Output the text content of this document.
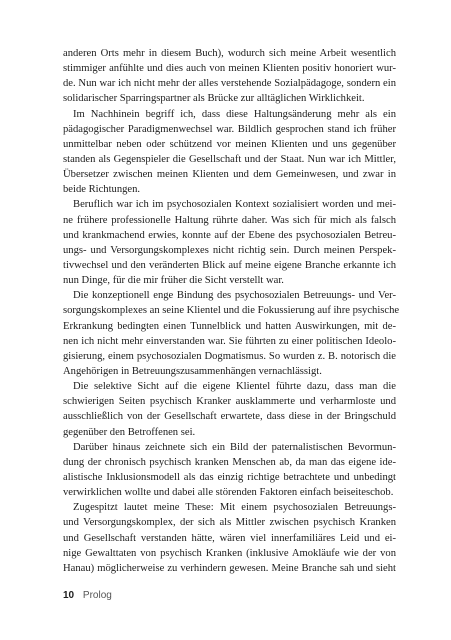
anderen Orts mehr in diesem Buch), wodurch sich meine Arbeit wesentlich
stimmiger anfühlte und dies auch von meinen Klienten positiv honoriert wur-
de. Nun war ich nicht mehr der alles verstehende Sozialpädagoge, sondern ein
solidarischer Sparringspartner als Brücke zur alltäglichen Wirklichkeit.
Im Nachhinein begriff ich, dass diese Haltungsänderung mehr als ein
pädagogischer Paradigmenwechsel war. Bildlich gesprochen stand ich früher
unmittelbar neben oder schützend vor meinen Klienten und uns gegenüber
standen als Gegenspieler die Gesellschaft und der Staat. Nun war ich Mittler,
Übersetzer zwischen meinen Klienten und dem Gemeinwesen, und zwar in
beide Richtungen.
Beruflich war ich im psychosozialen Kontext sozialisiert worden und mei-
ne frühere professionelle Haltung rührte daher. Was sich für mich als falsch
und krankmachend erwies, konnte auf der Ebene des psychosozialen Betreu-
ungs- und Versorgungskomplexes nicht richtig sein. Durch meinen Perspek-
tivwechsel und den veränderten Blick auf meine eigene Branche erkannte ich
nun Dinge, für die mir früher die Sicht verstellt war.
Die konzeptionell enge Bindung des psychosozialen Betreuungs- und Ver-
sorgungskomplexes an seine Klientel und die Fokussierung auf ihre psychische
Erkrankung bedingten einen Tunnelblick und hatten Auswirkungen, mit de-
nen ich nicht mehr einverstanden war. Sie führten zu einer politischen Ideolo-
gisierung, einem psychosozialen Dogmatismus. So wurden z. B. notorisch die
Angehörigen in Betreuungszusammenhängen vernachlässigt.
Die selektive Sicht auf die eigene Klientel führte dazu, dass man die
schwierigen Seiten psychisch Kranker ausklammerte und verharmloste und
ausschließlich von der Gesellschaft erwartete, dass diese in der Bringschuld
gegenüber den Betroffenen sei.
Darüber hinaus zeichnete sich ein Bild der paternalistischen Bevormun-
dung der chronisch psychisch kranken Menschen ab, da man das eigene ide-
alistische Inklusionsmodell als das einzig richtige betrachtete und unbedingt
verwirklichen wollte und dabei alle störenden Faktoren einfach beiseiteschob.
Zugespitzt lautet meine These: Mit einem psychosozialen Betreuungs-
und Versorgungskomplex, der sich als Mittler zwischen psychisch Kranken
und Gesellschaft verstanden hätte, wären viel innerfamiliäres Leid und ei-
nige Gewalttaten von psychisch Kranken (inklusive Amokläufe wie der von
Hanau) möglicherweise zu verhindern gewesen. Meine Branche sah und sieht
10 Prolog
